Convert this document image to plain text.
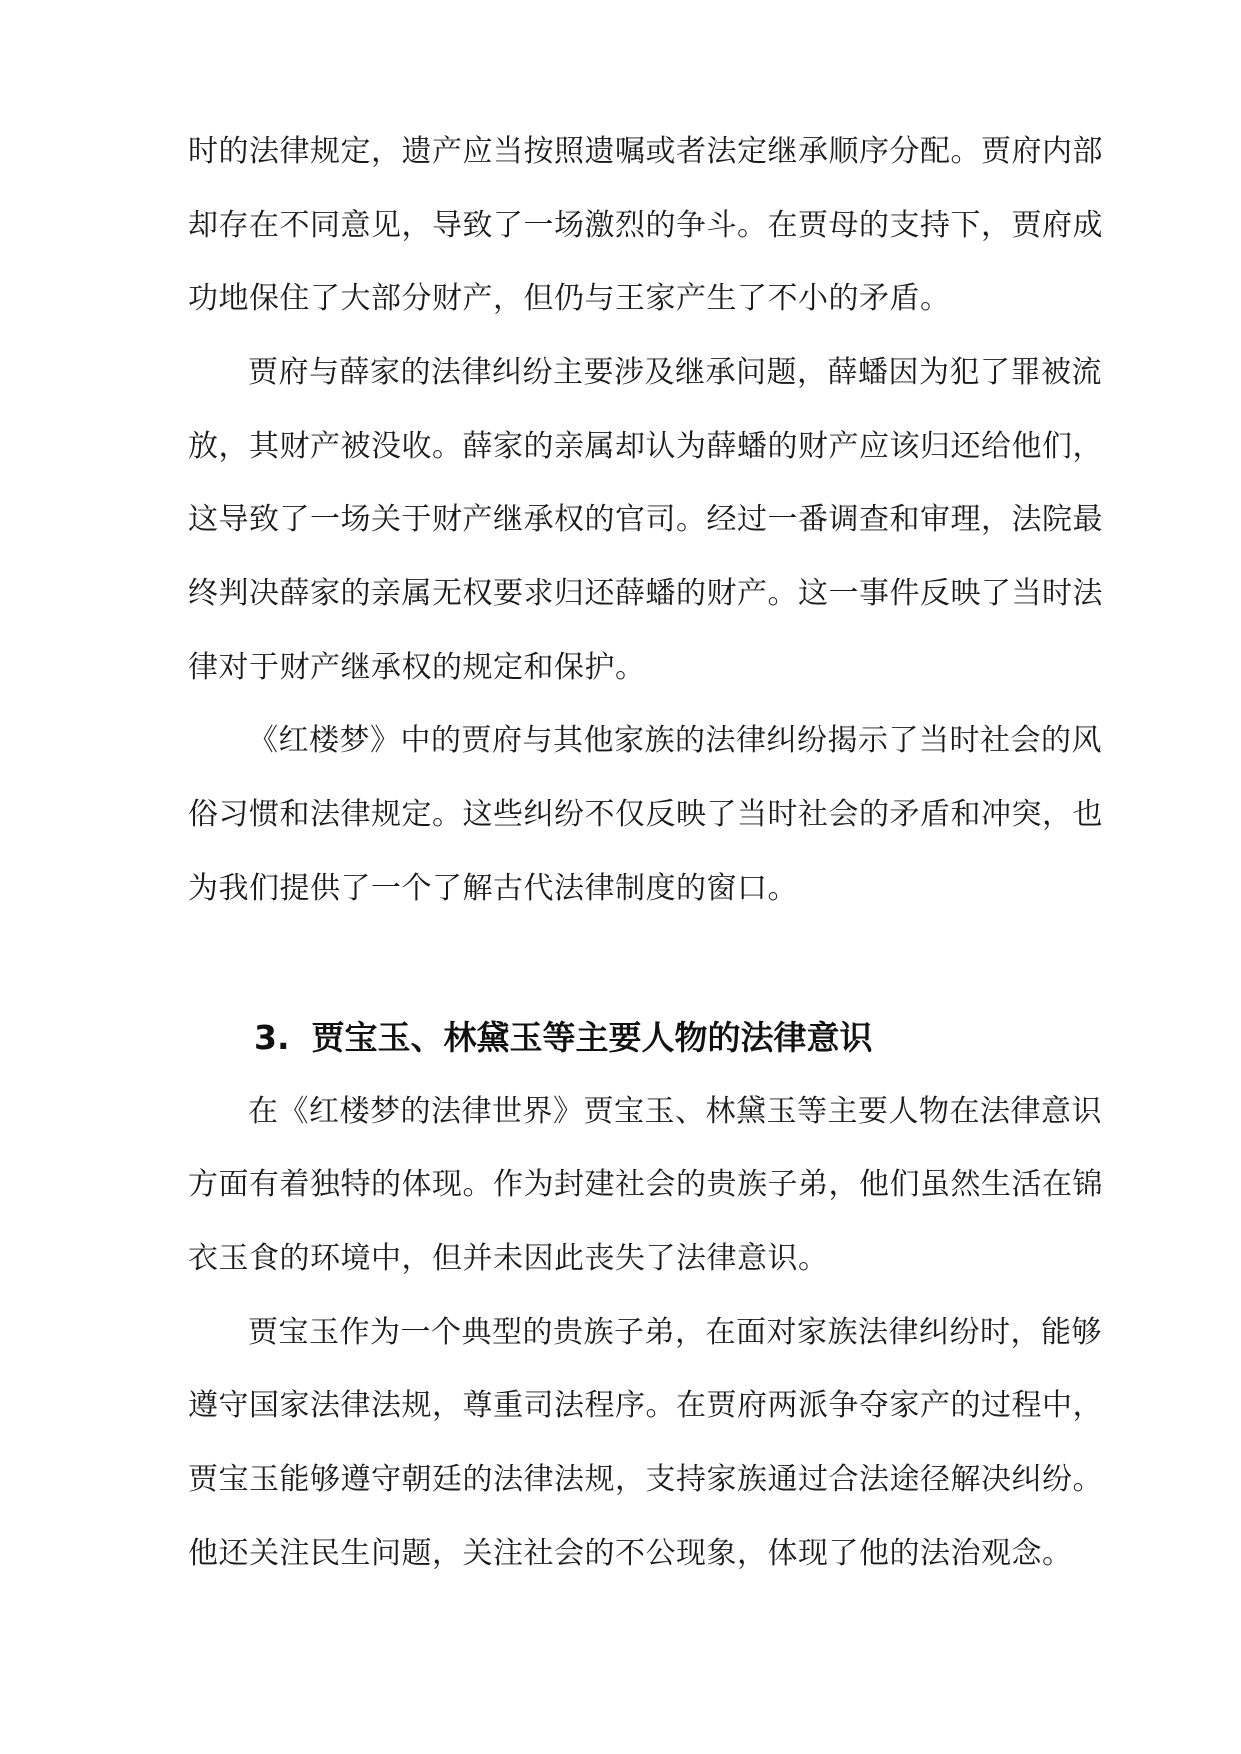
时的法律规定，遗产应当按照遗嘱或者法定继承顺序分配。贾府内部
却存在不同意见，导致了一场激烈的争斗。在贾母的支持下，贾府成
功地保住了大部分财产，但仍与王家产生了不小的矛盾。
贾府与薛家的法律纠纷主要涉及继承问题，薛蟠因为犯了罪被流
放，其财产被没收。薛家的亲属却认为薛蟠的财产应该归还给他们，
这导致了一场关于财产继承权的官司。经过一番调查和审理，法院最
终判决薛家的亲属无权要求归还薛蟠的财产。这一事件反映了当时法
律对于财产继承权的规定和保护。
《红楼梦》中的贾府与其他家族的法律纠纷揭示了当时社会的风
俗习惯和法律规定。这些纠纷不仅反映了当时社会的矛盾和冲突，也
为我们提供了一个了解古代法律制度的窗口。
3. 贾宝玉、林黛玉等主要人物的法律意识
在《红楼梦的法律世界》贾宝玉、林黛玉等主要人物在法律意识
方面有着独特的体现。作为封建社会的贵族子弟，他们虽然生活在锦
衣玉食的环境中，但并未因此丧失了法律意识。
贾宝玉作为一个典型的贵族子弟，在面对家族法律纠纷时，能够
遵守国家法律法规，尊重司法程序。在贾府两派争夺家产的过程中，
贾宝玉能够遵守朝廷的法律法规，支持家族通过合法途径解决纠纷。
他还关注民生问题，关注社会的不公现象，体现了他的法治观念。
